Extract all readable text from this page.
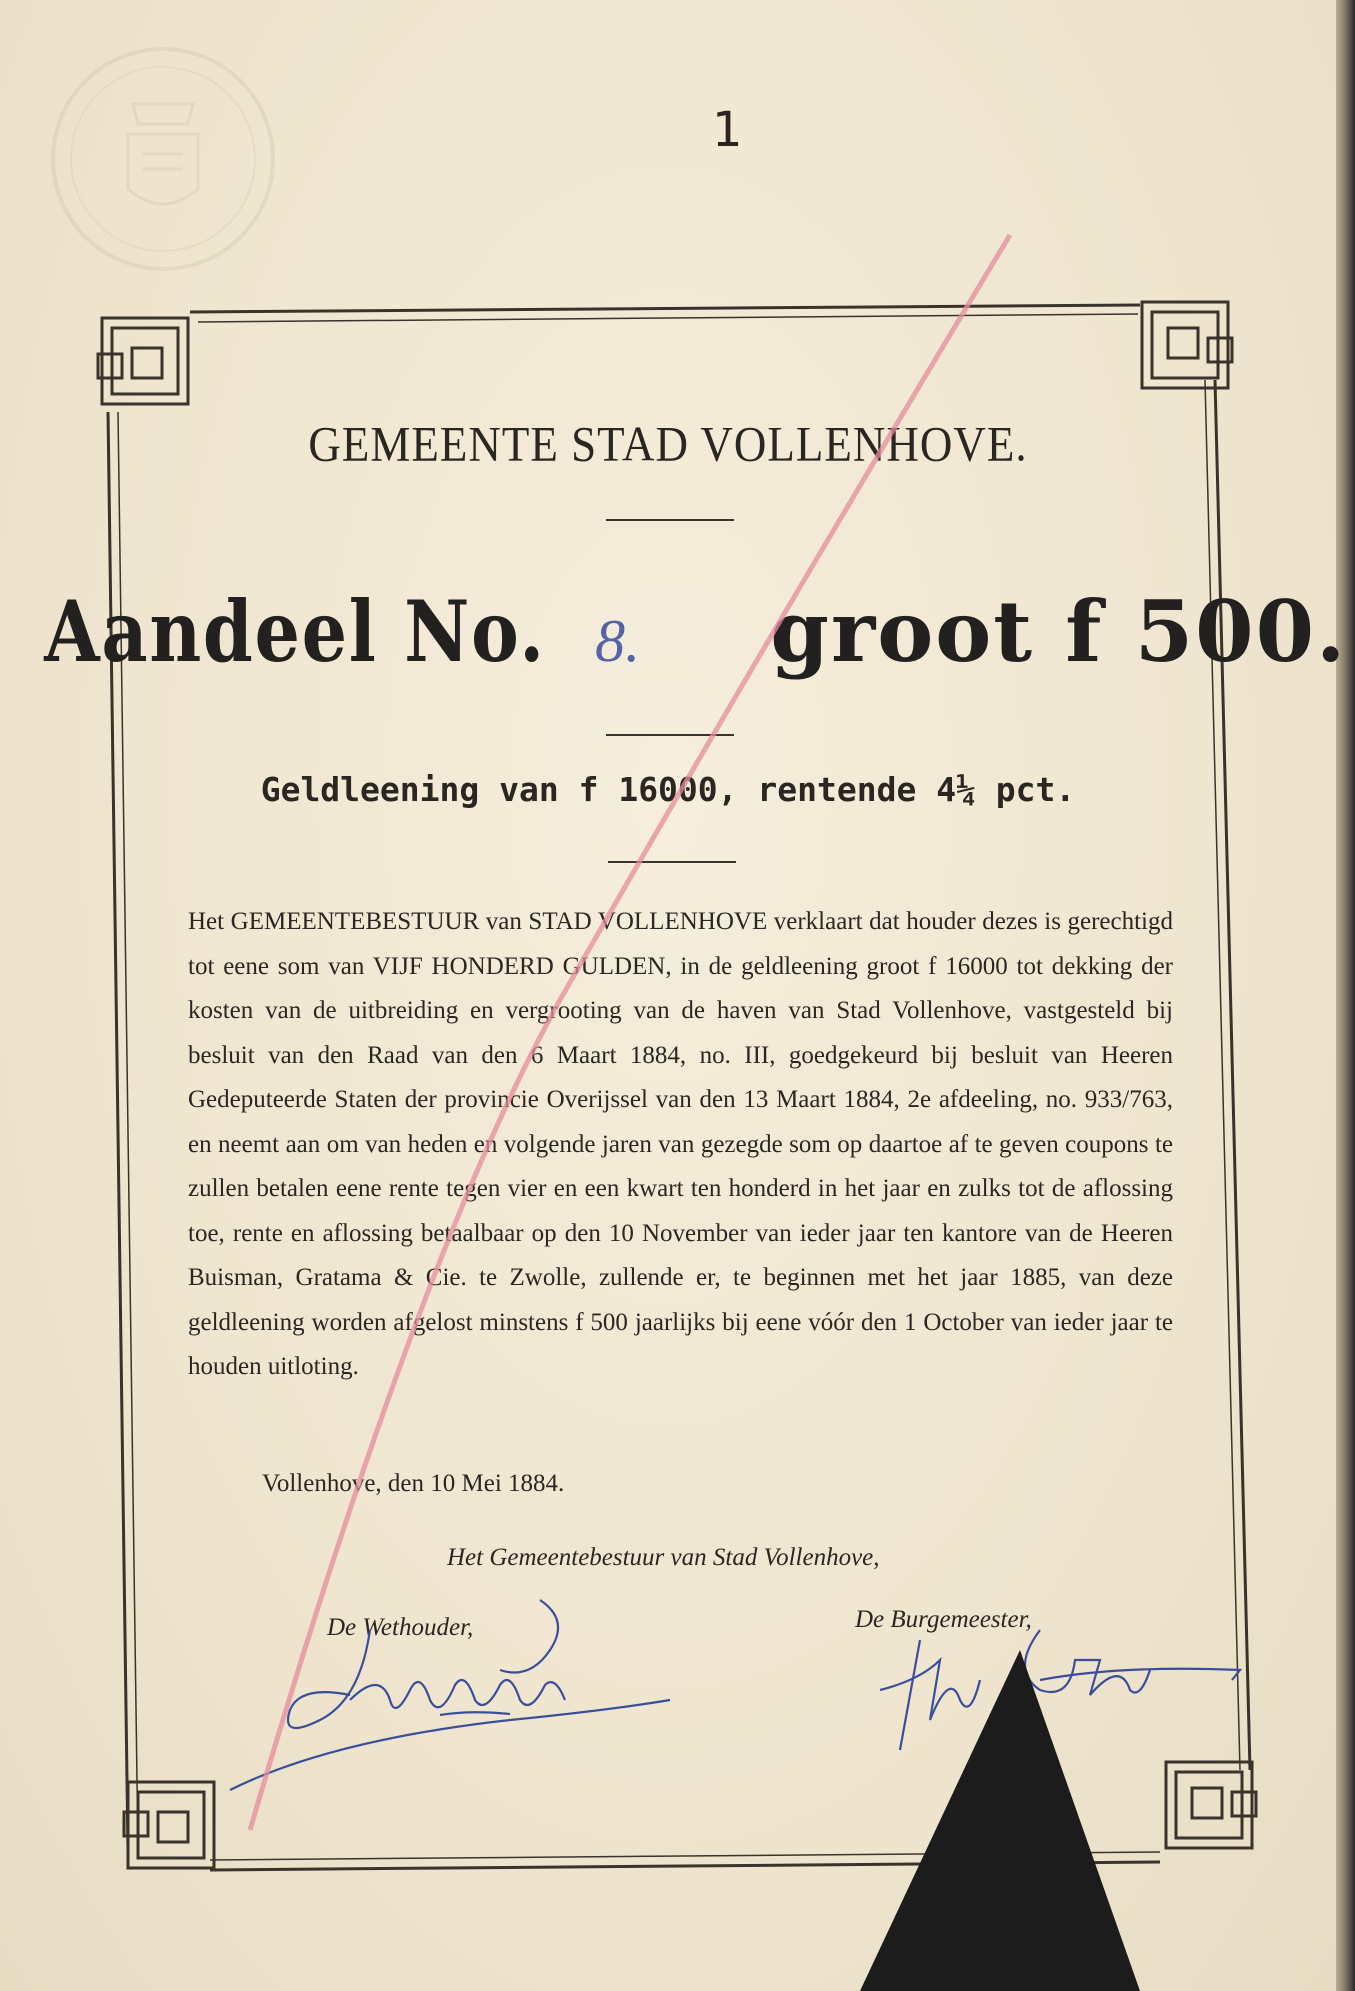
1
GEMEENTE STAD VOLLENHOVE.
Aandeel No. 8. groot f 500.
Geldleening van f 16000, rentende 4¼ pct.
Het GEMEENTEBESTUUR van STAD VOLLENHOVE verklaart dat houder dezes is gerechtigd tot eene som van VIJF HONDERD GULDEN, in de geldleening groot f 16000 tot dekking der kosten van de uitbreiding en vergrooting van de haven van Stad Vollenhove, vastgesteld bij besluit van den Raad van den 6 Maart 1884, no. III, goedgekeurd bij besluit van Heeren Gedeputeerde Staten der provincie Overijssel van den 13 Maart 1884, 2e afdeeling, no. 933/763, en neemt aan om van heden en volgende jaren van gezegde som op daartoe af te geven coupons te zullen betalen eene rente tegen vier en een kwart ten honderd in het jaar en zulks tot de aflossing toe, rente en aflossing betaalbaar op den 10 November van ieder jaar ten kantore van de Heeren Buisman, Gratama & Cie. te Zwolle, zullende er, te beginnen met het jaar 1885, van deze geldleening worden afgelost minstens f 500 jaarlijks bij eene vóór den 1 October van ieder jaar te houden uitloting.
Vollenhove, den 10 Mei 1884.
Het Gemeentebestuur van Stad Vollenhove,
De Wethouder,	De Burgemeester,
